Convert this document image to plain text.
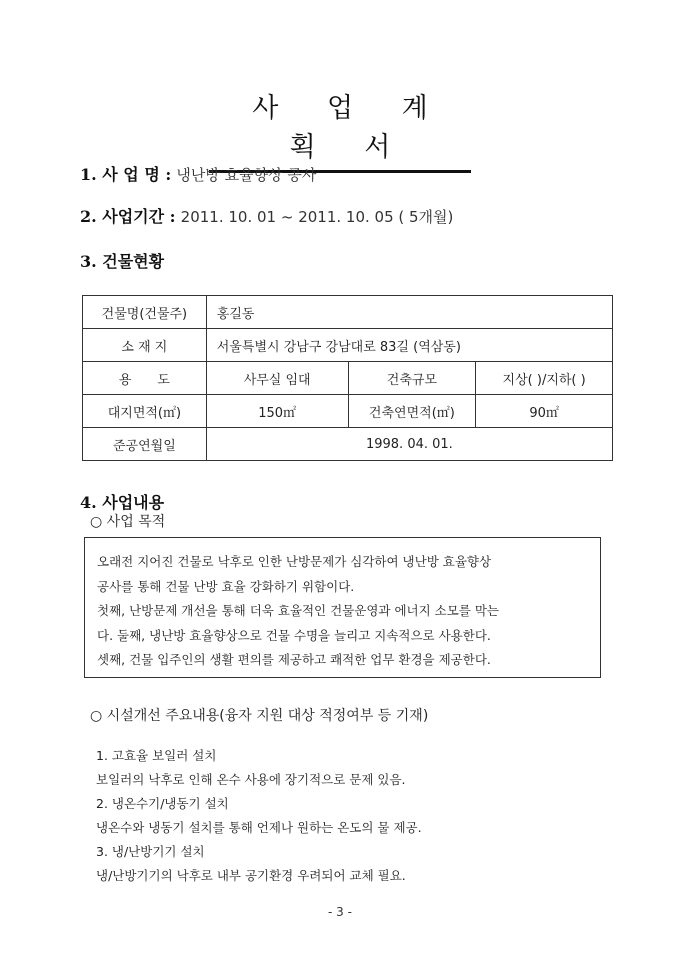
사 업 계 획 서
1. 사 업 명 : 냉난방 효율향상 공사
2. 사업기간 : 2011. 10. 01 ~ 2011. 10. 05 ( 5개월)
3. 건물현황
건물명(건물주)	홍길동		
소 재 지	서울특별시 강남구 강남대로 83길 (역삼동)		
용　　도	사무실 임대	건축규모	지상( )/지하( )
대지면적(㎡)	150㎡	건축연면적(㎡)	90㎡
준공연월일	1998. 04. 01.		
4. 사업내용
○ 사업 목적
오래전 지어진 건물로 낙후로 인한 난방문제가 심각하여 냉난방 효율향상
공사를 통해 건물 난방 효율 강화하기 위함이다.
첫째, 난방문제 개선을 통해 더욱 효율적인 건물운영과 에너지 소모를 막는
다. 둘째, 냉난방 효율향상으로 건물 수명을 늘리고 지속적으로 사용한다.
셋째, 건물 입주인의 생활 편의를 제공하고 쾌적한 업무 환경을 제공한다.
○ 시설개선 주요내용(융자 지원 대상 적정여부 등 기재)
1. 고효율 보일러 설치
보일러의 낙후로 인해 온수 사용에 장기적으로 문제 있음.
2. 냉온수기/냉동기 설치
냉온수와 냉동기 설치를 통해 언제나 원하는 온도의 물 제공.
3. 냉/난방기기 설치
냉/난방기기의 낙후로 내부 공기환경 우려되어 교체 필요.
- 3 -
